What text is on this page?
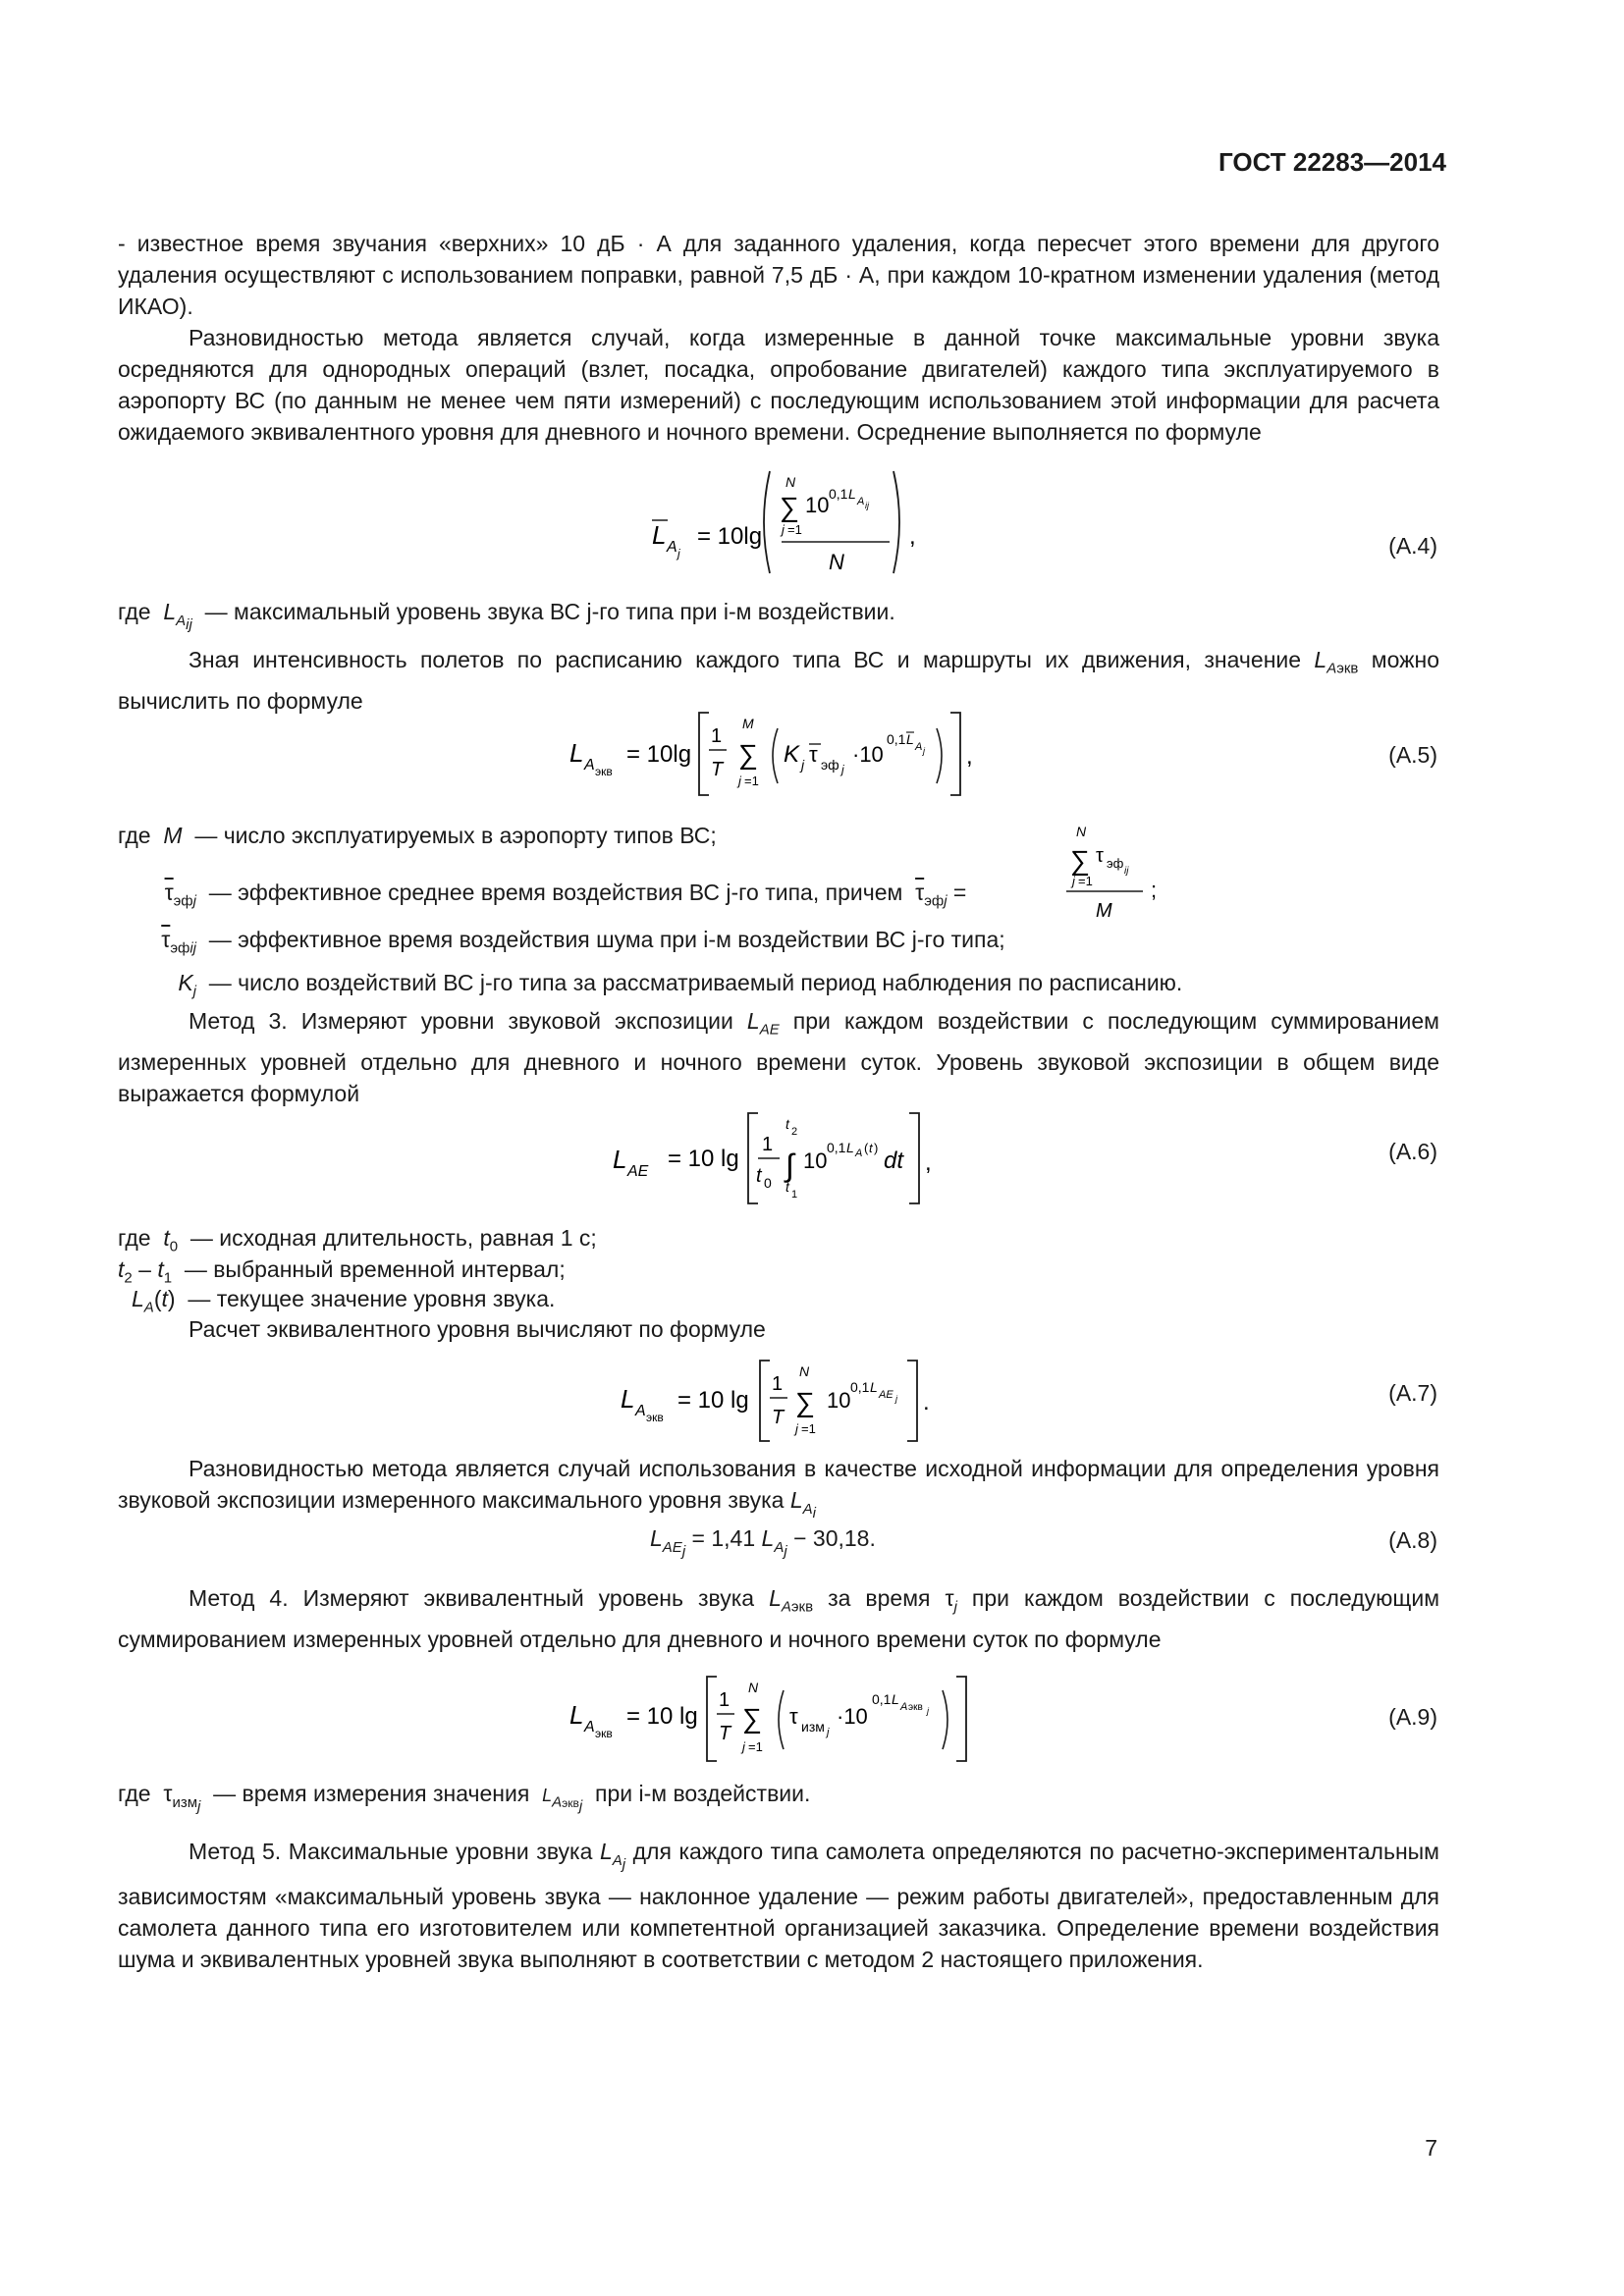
ГОСТ 22283—2014

- известное время звучания «верхних» 10 дБ · А для заданного удаления, когда пересчет этого времени для другого удаления осуществляют с использованием поправки, равной 7,5 дБ · А, при каждом 10-кратном изменении удаления (метод ИКАО).

Разновидностью метода является случай, когда измеренные в данной точке максимальные уровни звука осредняются для однородных операций (взлет, посадка, опробование двигателей) каждого типа эксплуатируемого в аэропорту ВС (по данным не менее чем пяти измерений) с последующим использованием этой информации для расчета ожидаемого эквивалентного уровня для дневного и ночного времени. Осреднение выполняется по формуле

L A j
= 10lg
N
∑
j =1
10 0,1 L A ij
N
,	(А.4)
где $L_{A_{ij}}$  — максимальный уровень звука ВС j-го типа при i-м воздействии.
Зная интенсивность полетов по расписанию каждого типа ВС и маршруты их движения, значение $L_{Aэкв}$ можно вычислить по формуле
L A экв
= 10lg
1
T
M
∑
j =1
K j τ эф j
·10
0,1 L A j ,	(А.5)
где M — число эксплуатируемых в аэропорту типов ВС;	N
∑ τ эф
ij
j =1
M
;
$\overline{\tau}_{эфj}$ — эффективное среднее время воздействия ВС j-го типа, причем $\overline{\tau}_{эфj}$ =
$\overline{\tau}_{эфij}$ — эффективное время воздействия шума при i-м воздействии ВС j-го типа;
$K_j$ — число воздействий ВС j-го типа за рассматриваемый период наблюдения по расписанию.
Метод 3. Измеряют уровни звуковой экспозиции $L_{AE}$ при каждом воздействии с последующим суммированием измеренных уровней отдельно для дневного и ночного времени суток. Уровень звуковой экспозиции в общем виде выражается формулой
L AE = 10 lg
1
t 0
t 2
∫
t 1
10
0,1 L A ( t ) dt ,	(А.6)
где $t_0$ — исходная длительность, равная 1 с;
$t_2 - t_1$ — выбранный временной интервал;
$L_A(t)$  — текущее значение уровня звука.
Расчет эквивалентного уровня вычисляют по формуле
L A экв
= 10 lg
1
T
N
∑
j =1
10
0,1 L AE j .	(А.7)
Разновидностью метода является случай использования в качестве исходной информации для определения уровня звуковой экспозиции измеренного максимального уровня звука $L_{A_i}$
$L_{AE_j} = 1,41$ $L_{A_j} - 30,18$.	(А.8)
Метод 4. Измеряют эквивалентный уровень звука $L_{Aэкв}$ за время $\tau_j$ при каждом воздействии с последующим суммированием измеренных уровней отдельно для дневного и ночного времени суток по формуле
L A экв
= 10 lg
1
T
N
∑
j =1
τ изм j
·10
0,1 L A экв j	(А.9)
где  $\tau_{изм_j}$  — время измерения значения $L_{Aэкв_j}$ при i-м воздействии.
Метод 5. Максимальные уровни звука $L_{A_j}$ для каждого типа самолета определяются по расчетно-экспериментальным зависимостям «максимальный уровень звука — наклонное удаление — режим работы двигателей», предоставленным для самолета данного типа его изготовителем или компетентной организацией заказчика. Определение времени воздействия шума и эквивалентных уровней звука выполняют в соответствии с методом 2 настоящего приложения.
7
